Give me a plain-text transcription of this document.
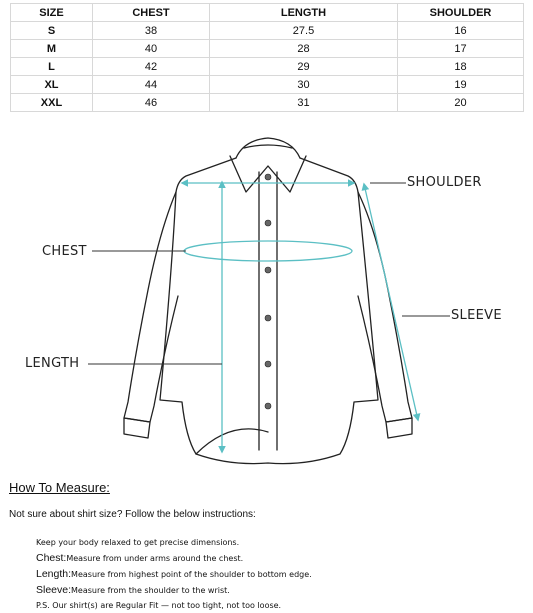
SIZE	CHEST	LENGTH	SHOULDER
S	38	27.5	16
M	40	28	17
L	42	29	18
XL	44	30	19
XXL	46	31	20
SHOULDER
CHEST
SLEEVE
LENGTH
How To Measure:
Not sure about shirt size? Follow the below instructions:
Keep your body relaxed to get precise dimensions.
Chest:Measure from under arms around the chest.
Length:Measure from highest point of the shoulder to bottom edge.
Sleeve:Measure from the shoulder to the wrist.
P.S. Our shirt(s) are Regular Fit — not too tight, not too loose.
